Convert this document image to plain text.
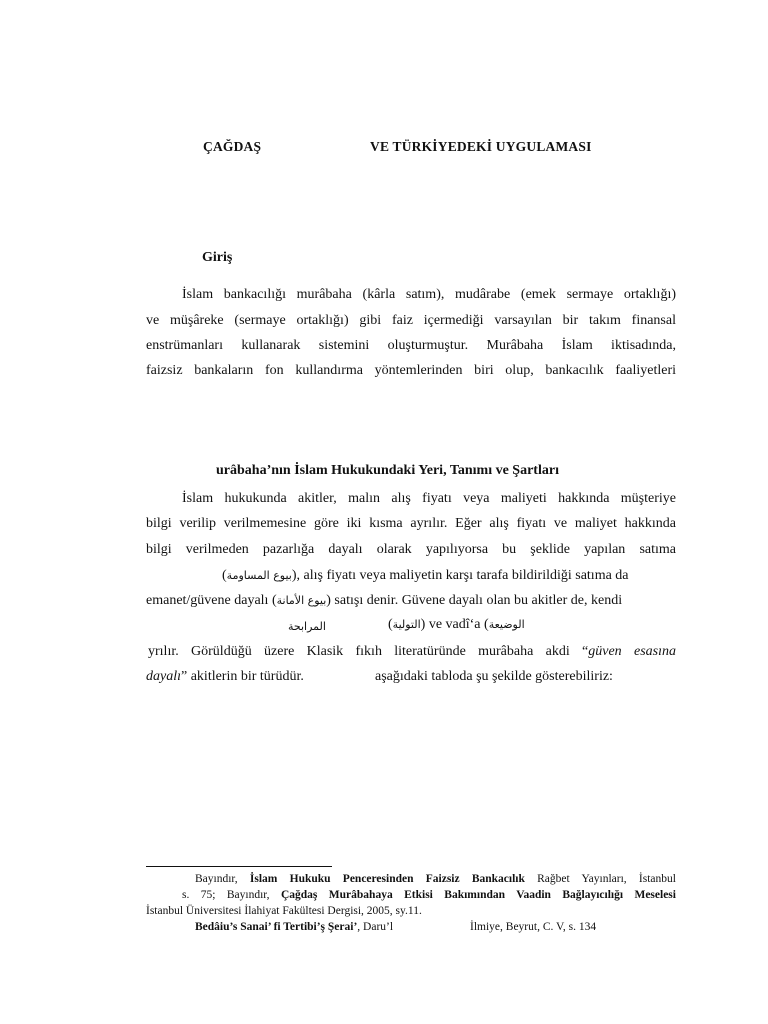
ÇAĞDAŞ	VE TÜRKİYEDEKİ UYGULAMASI
Giriş
İslam bankacılığı murâbaha (kârla satım), mudârabe (emek sermaye ortaklığı)
ve müşâreke (sermaye ortaklığı) gibi faiz içermediği varsayılan bir takım finansal
enstrümanları kullanarak sistemini oluşturmuştur. Murâbaha İslam iktisadında,
faizsiz bankaların fon kullandırma yöntemlerinden biri olup, bankacılık faaliyetleri
urâbaha’nın İslam Hukukundaki Yeri, Tanımı ve Şartları
İslam hukukunda akitler, malın alış fiyatı veya maliyeti hakkında müşteriye
bilgi verilip verilmemesine göre iki kısma ayrılır. Eğer alış fiyatı ve maliyet hakkında
bilgi verilmeden pazarlığa dayalı olarak yapılıyorsa bu şeklide yapılan satıma
(بيوع المساومة), alış fiyatı veya maliyetin karşı tarafa bildirildiği satıma da
emanet/güvene dayalı (بيوع الأمانة) satışı denir. Güvene dayalı olan bu akitler de, kendi
المرابحة	(التولية) ve vadî‘a (الوضيعة
yrılır. Görüldüğü üzere Klasik fıkıh literatüründe murâbaha akdi “güven esasına
dayalı” akitlerin bir türüdür.	aşağıdaki tabloda şu şekilde gösterebiliriz:
Bayındır, İslam Hukuku Penceresinden Faizsiz Bankacılık Rağbet Yayınları, İstanbul
s. 75; Bayındır, Çağdaş Murâbahaya Etkisi Bakımından Vaadin Bağlayıcılığı Meselesi
İstanbul Üniversitesi İlahiyat Fakültesi Dergisi, 2005, sy.11.
Bedâiu’s Sanai’ fi Tertibi’ş Şerai’, Daru’l	İlmiye, Beyrut, C. V, s. 134
